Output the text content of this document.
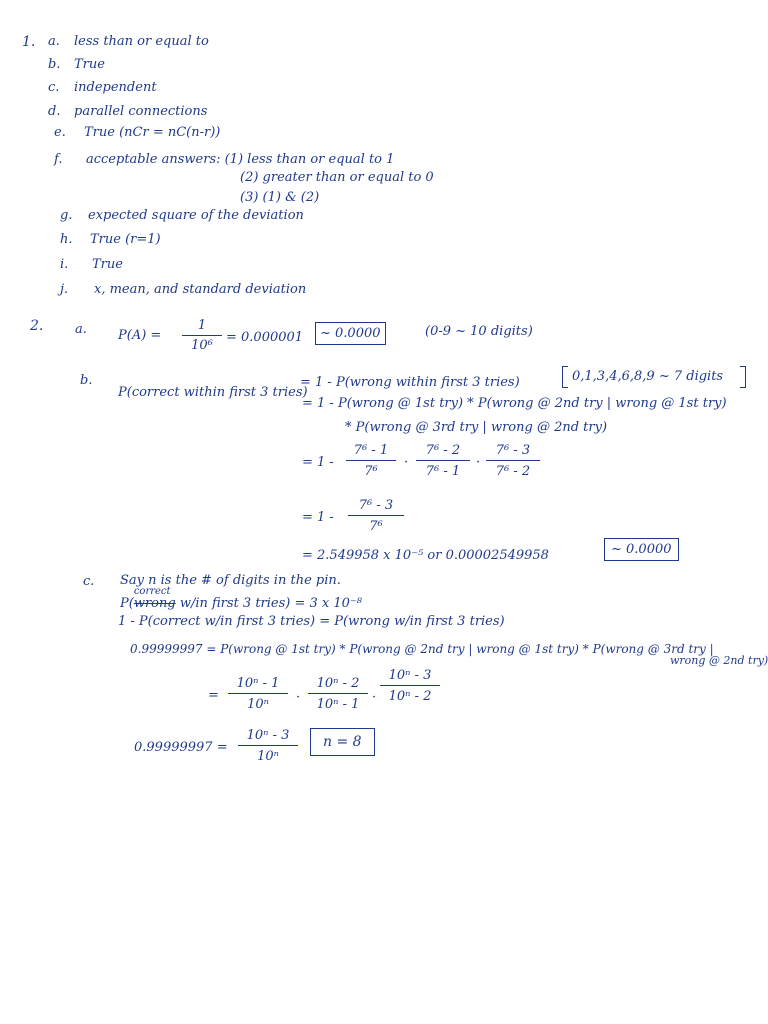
1. a. less than or equal to
b. True
c. independent
d. parallel connections
e. True (nCr = nC(n-r))
f. acceptable answers: (1) less than or equal to 1
(2) greater than or equal to 0
(3) (1) & (2)
g. expected square of the deviation
h. True (r=1)
i. True
j. x, mean, and standard deviation
2. a. P(A) =
1
10⁶
= 0.000001	~ 0.0000	(0-9 ~ 10 digits)
b.
P(correct within first 3 tries)
= 1 - P(wrong within first 3 tries)	0,1,3,4,6,8,9 ~ 7 digits
= 1 - P(wrong @ 1st try) * P(wrong @ 2nd try | wrong @ 1st try)
* P(wrong @ 3rd try | wrong @ 2nd try)
= 1 -
7⁶ - 1
7⁶
·
7⁶ - 2
7⁶ - 1
·
7⁶ - 3
7⁶ - 2
= 1 -
7⁶ - 3
7⁶
= 2.549958 x 10⁻⁵ or 0.00002549958	~ 0.0000
c. Say n is the # of digits in the pin.
P(
correct
wrong w/in first 3 tries) = 3 x 10⁻⁸
1 - P(correct w/in first 3 tries) = P(wrong w/in first 3 tries)
0.99999997 = P(wrong @ 1st try) * P(wrong @ 2nd try | wrong @ 1st try) * P(wrong @ 3rd try |
wrong @ 2nd try)
=
10ⁿ - 1
10ⁿ	·
10ⁿ - 2
10ⁿ - 1 ·
10ⁿ - 3
10ⁿ - 2
0.99999997 =
10ⁿ - 3
10ⁿ
n = 8
